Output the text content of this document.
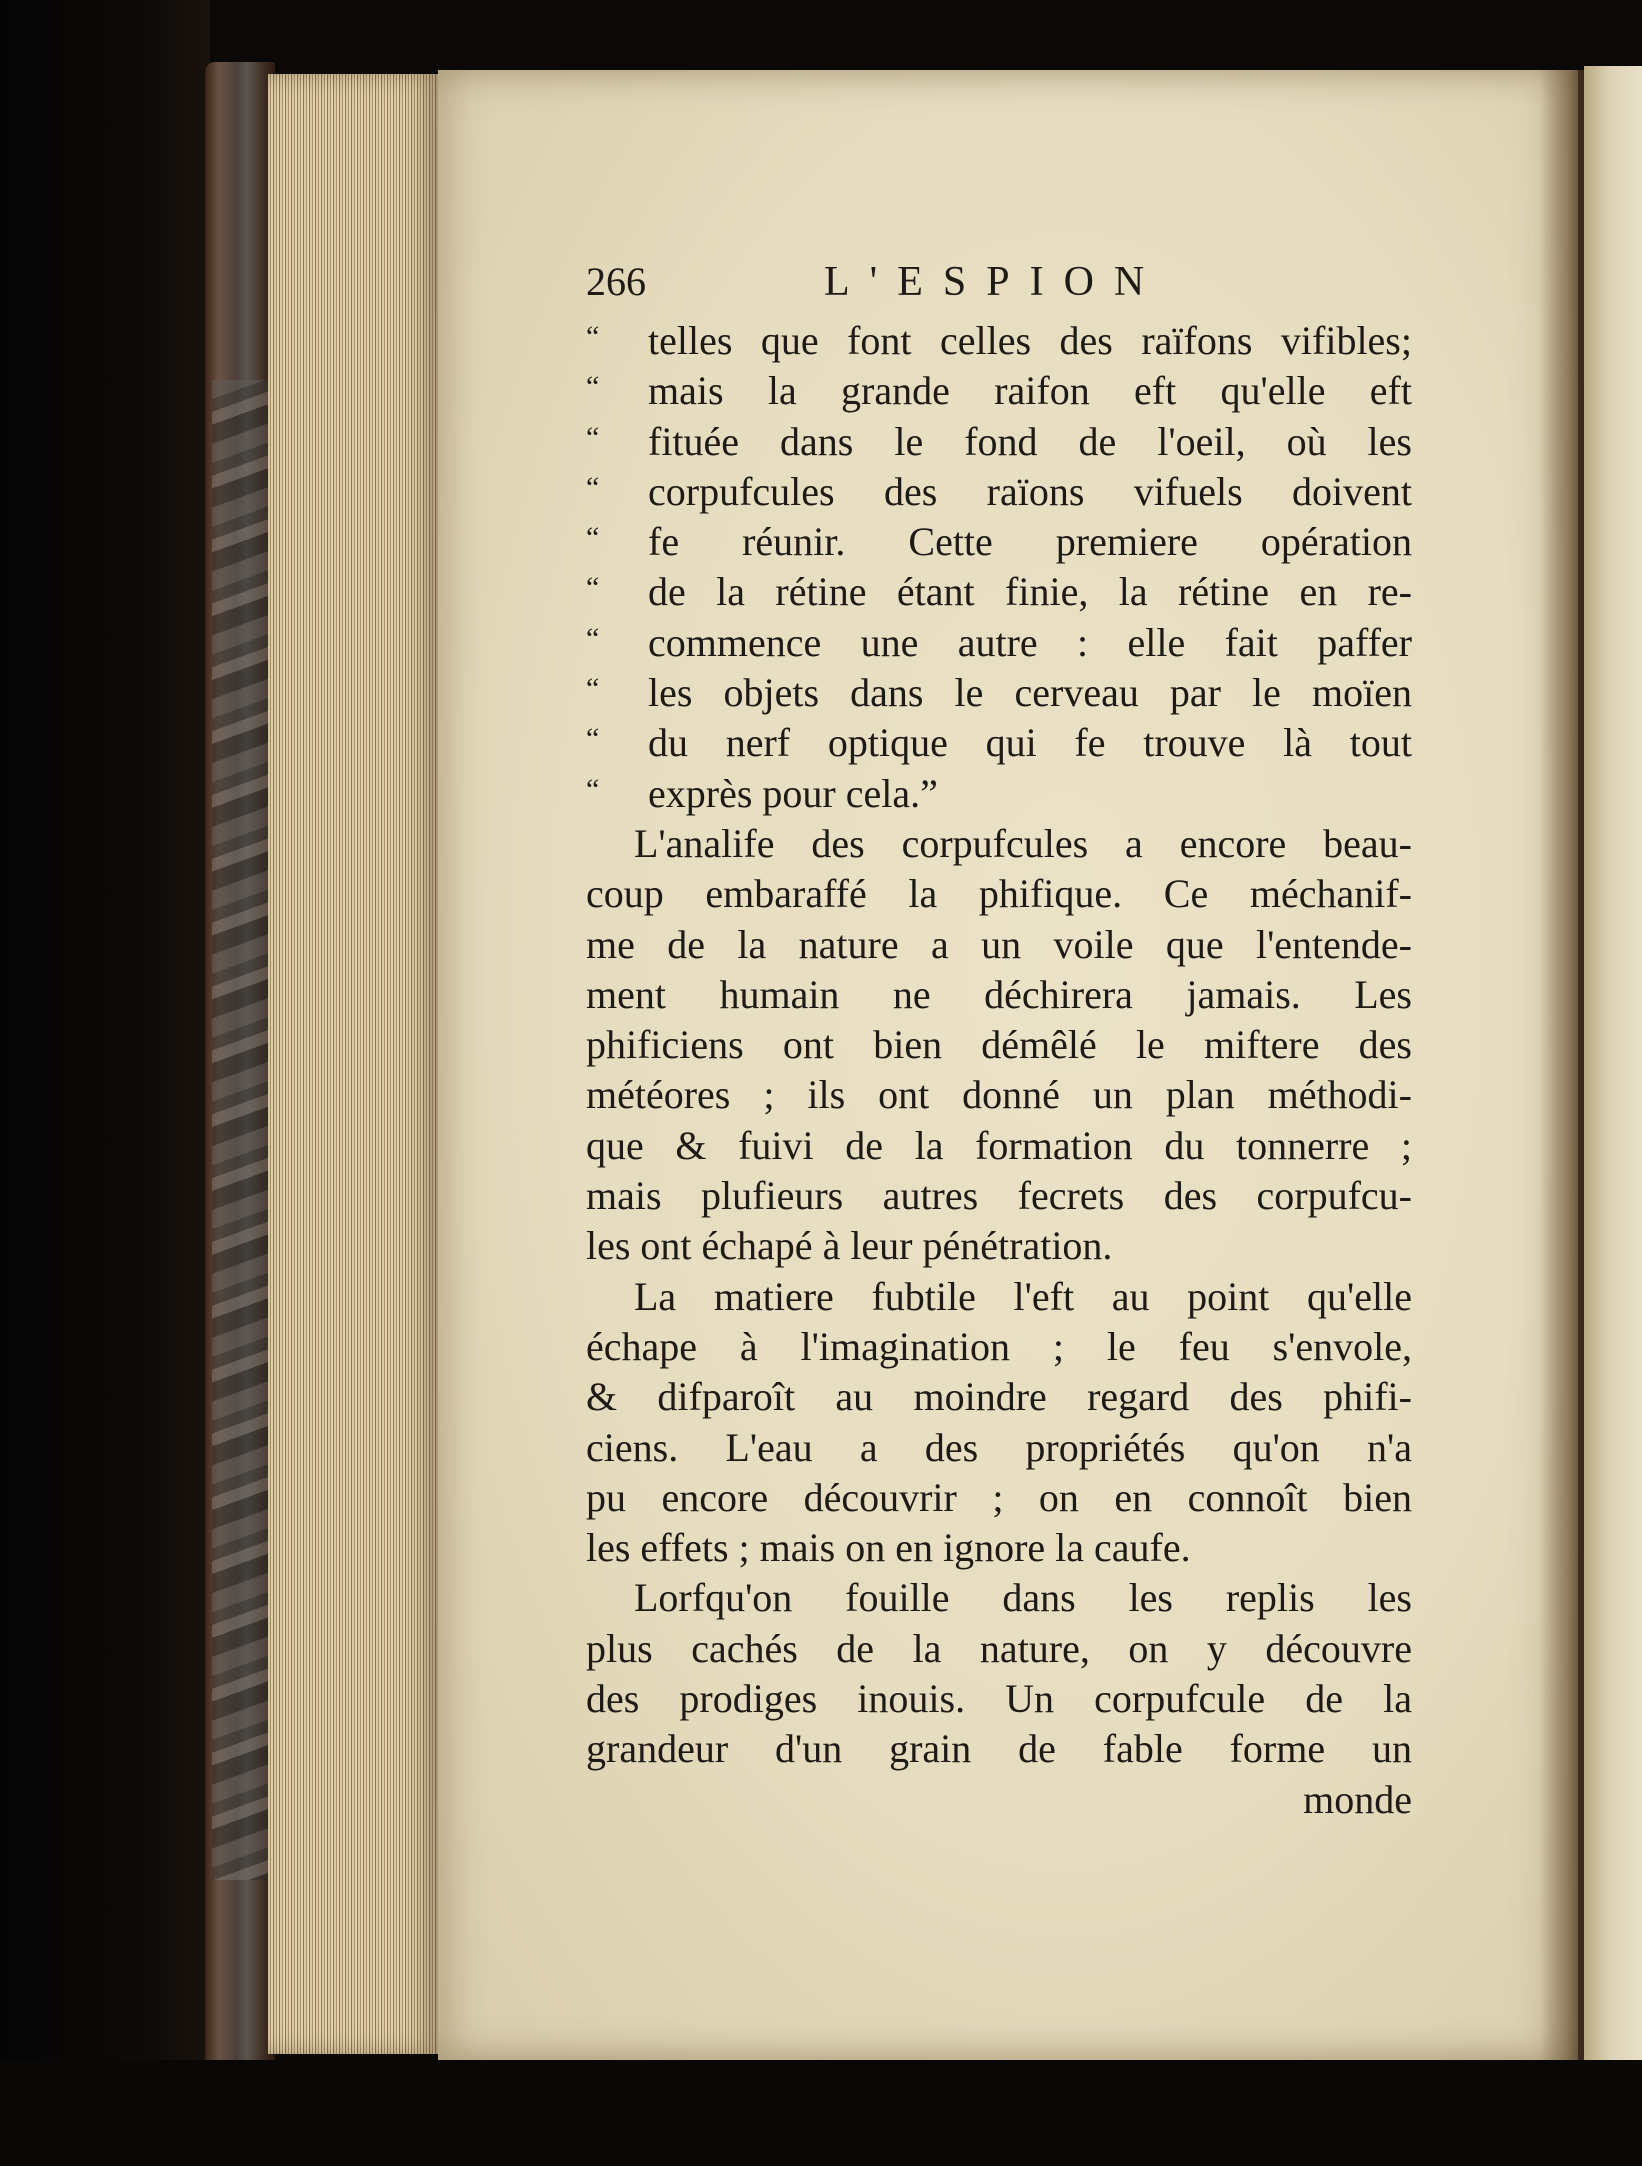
266	L'ESPION
“	telles que font celles des raïfons vifibles;
“	mais la grande raifon eft qu'elle eft
“	fituée dans le fond de l'oeil, où les
“	corpufcules des raïons vifuels doivent
“	fe réunir. Cette premiere opération
“	de la rétine étant finie, la rétine en re-
“	commence une autre : elle fait paffer
“	les objets dans le cerveau par le moïen
“	du nerf optique qui fe trouve là tout
“	exprès pour cela.”
L'analife des corpufcules a encore beau-
coup embaraffé la phifique. Ce méchanif-
me de la nature a un voile que l'entende-
ment humain ne déchirera jamais. Les
phificiens ont bien démêlé le miftere des
météores ; ils ont donné un plan méthodi-
que & fuivi de la formation du tonnerre ;
mais plufieurs autres fecrets des corpufcu-
les ont échapé à leur pénétration.
La matiere fubtile l'eft au point qu'elle
échape à l'imagination ; le feu s'envole,
& difparoît au moindre regard des phifi-
ciens. L'eau a des propriétés qu'on n'a
pu encore découvrir ; on en connoît bien
les effets ; mais on en ignore la caufe.
Lorfqu'on fouille dans les replis les
plus cachés de la nature, on y découvre
des prodiges inouis. Un corpufcule de la
grandeur d'un grain de fable forme un
monde
